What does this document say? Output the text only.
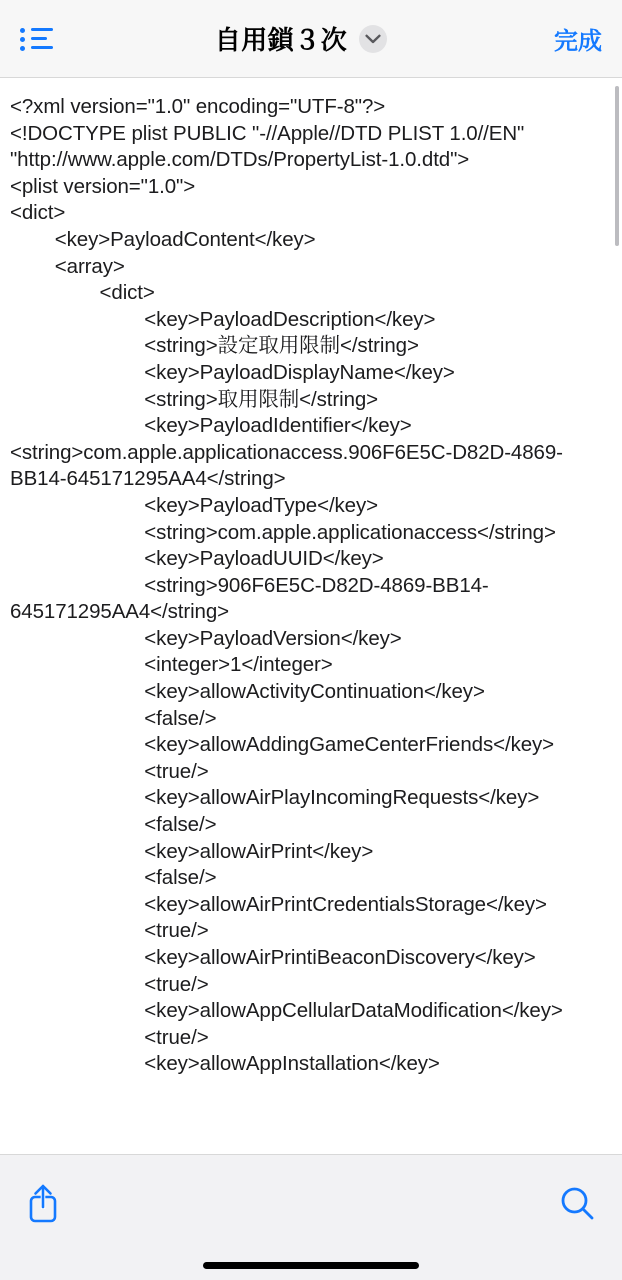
自用鎖３次	完成
<?xml version="1.0" encoding="UTF-8"?>
<!DOCTYPE plist PUBLIC "-//Apple//DTD PLIST 1.0//EN" "http://www.apple.com/DTDs/PropertyList-1.0.dtd">
<plist version="1.0">
<dict>
	<key>PayloadContent</key>
	<array>
		<dict>
			<key>PayloadDescription</key>
			<string>設定取用限制</string>
			<key>PayloadDisplayName</key>
			<string>取用限制</string>
			<key>PayloadIdentifier</key>
<string>com.apple.applicationaccess.906F6E5C-D82D-4869-BB14-645171295AA4</string>
			<key>PayloadType</key>
			<string>com.apple.applicationaccess</string>
			<key>PayloadUUID</key>
			<string>906F6E5C-D82D-4869-BB14-645171295AA4</string>
			<key>PayloadVersion</key>
			<integer>1</integer>
			<key>allowActivityContinuation</key>
			<false/>
			<key>allowAddingGameCenterFriends</key>
			<true/>
			<key>allowAirPlayIncomingRequests</key>
			<false/>
			<key>allowAirPrint</key>
			<false/>
			<key>allowAirPrintCredentialsStorage</key>
			<true/>
			<key>allowAirPrintiBeaconDiscovery</key>
			<true/>
			<key>allowAppCellularDataModification</key>
			<true/>
			<key>allowAppInstallation</key>
